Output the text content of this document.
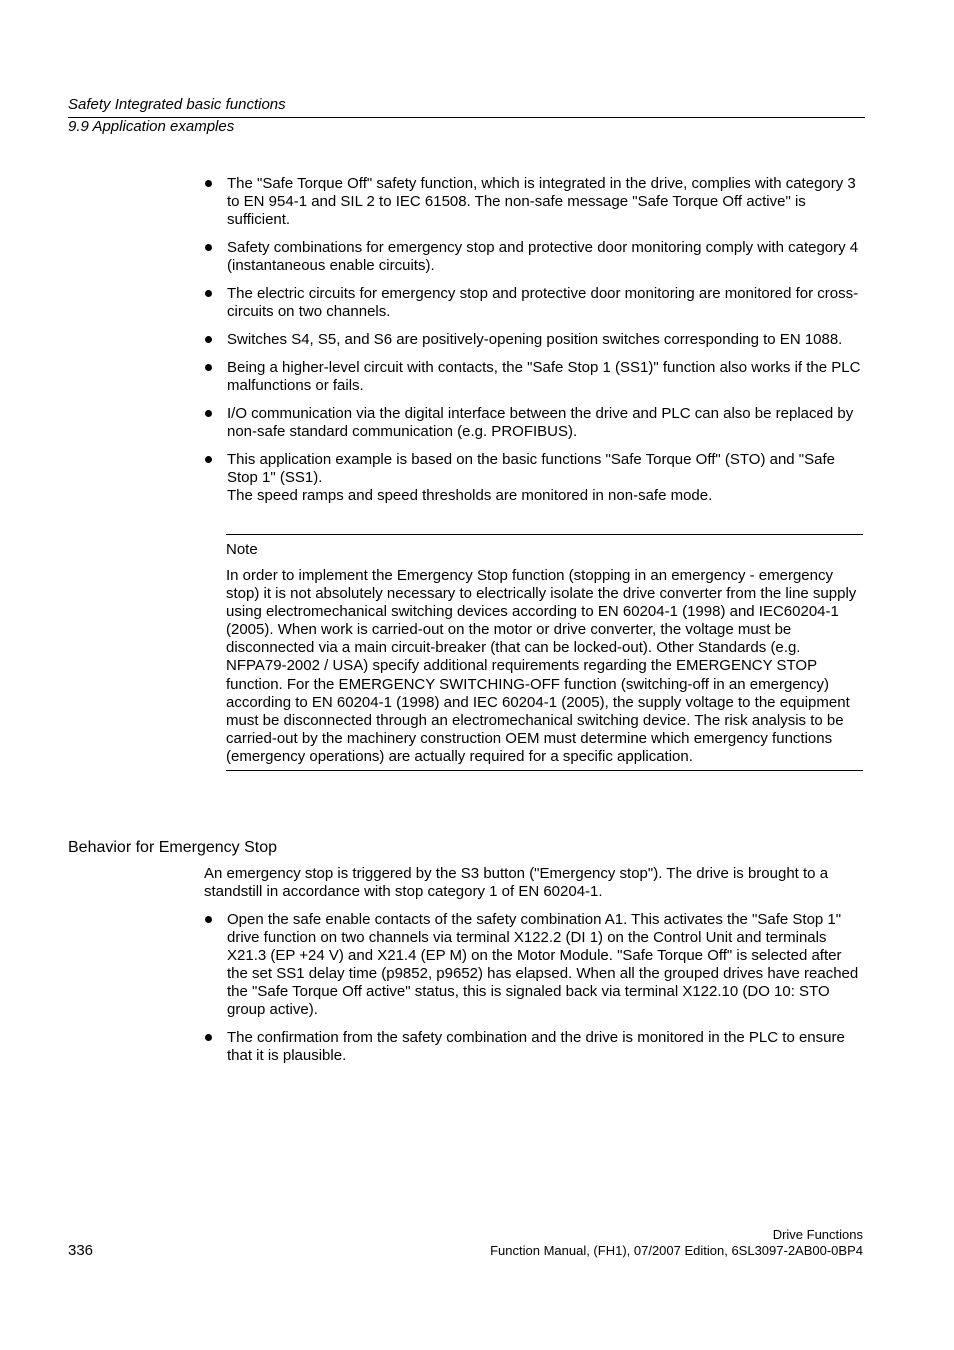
Safety Integrated basic functions
9.9 Application examples
The "Safe Torque Off" safety function, which is integrated in the drive, complies with category 3 to EN 954-1 and SIL 2 to IEC 61508. The non-safe message "Safe Torque Off active" is sufficient.
Safety combinations for emergency stop and protective door monitoring comply with category 4 (instantaneous enable circuits).
The electric circuits for emergency stop and protective door monitoring are monitored for cross-circuits on two channels.
Switches S4, S5, and S6 are positively-opening position switches corresponding to EN 1088.
Being a higher-level circuit with contacts, the "Safe Stop 1 (SS1)" function also works if the PLC malfunctions or fails.
I/O communication via the digital interface between the drive and PLC can also be replaced by non-safe standard communication (e.g. PROFIBUS).
This application example is based on the basic functions "Safe Torque Off" (STO) and "Safe Stop 1" (SS1).
The speed ramps and speed thresholds are monitored in non-safe mode.
Note
In order to implement the Emergency Stop function (stopping in an emergency - emergency stop) it is not absolutely necessary to electrically isolate the drive converter from the line supply using electromechanical switching devices according to EN 60204-1 (1998) and IEC60204-1 (2005). When work is carried-out on the motor or drive converter, the voltage must be disconnected via a main circuit-breaker (that can be locked-out). Other Standards (e.g. NFPA79-2002 / USA) specify additional requirements regarding the EMERGENCY STOP function. For the EMERGENCY SWITCHING-OFF function (switching-off in an emergency) according to EN 60204-1 (1998) and IEC 60204-1 (2005), the supply voltage to the equipment must be disconnected through an electromechanical switching device. The risk analysis to be carried-out by the machinery construction OEM must determine which emergency functions (emergency operations) are actually required for a specific application.
Behavior for Emergency Stop

An emergency stop is triggered by the S3 button ("Emergency stop"). The drive is brought to a standstill in accordance with stop category 1 of EN 60204-1.

Open the safe enable contacts of the safety combination A1. This activates the "Safe Stop 1" drive function on two channels via terminal X122.2 (DI 1) on the Control Unit and terminals X21.3 (EP +24 V) and X21.4 (EP M) on the Motor Module. "Safe Torque Off" is selected after the set SS1 delay time (p9852, p9652) has elapsed. When all the grouped drives have reached the "Safe Torque Off active" status, this is signaled back via terminal X122.10 (DO 10: STO group active).
The confirmation from the safety combination and the drive is monitored in the PLC to ensure that it is plausible.
336
Drive Functions
Function Manual, (FH1), 07/2007 Edition, 6SL3097-2AB00-0BP4
